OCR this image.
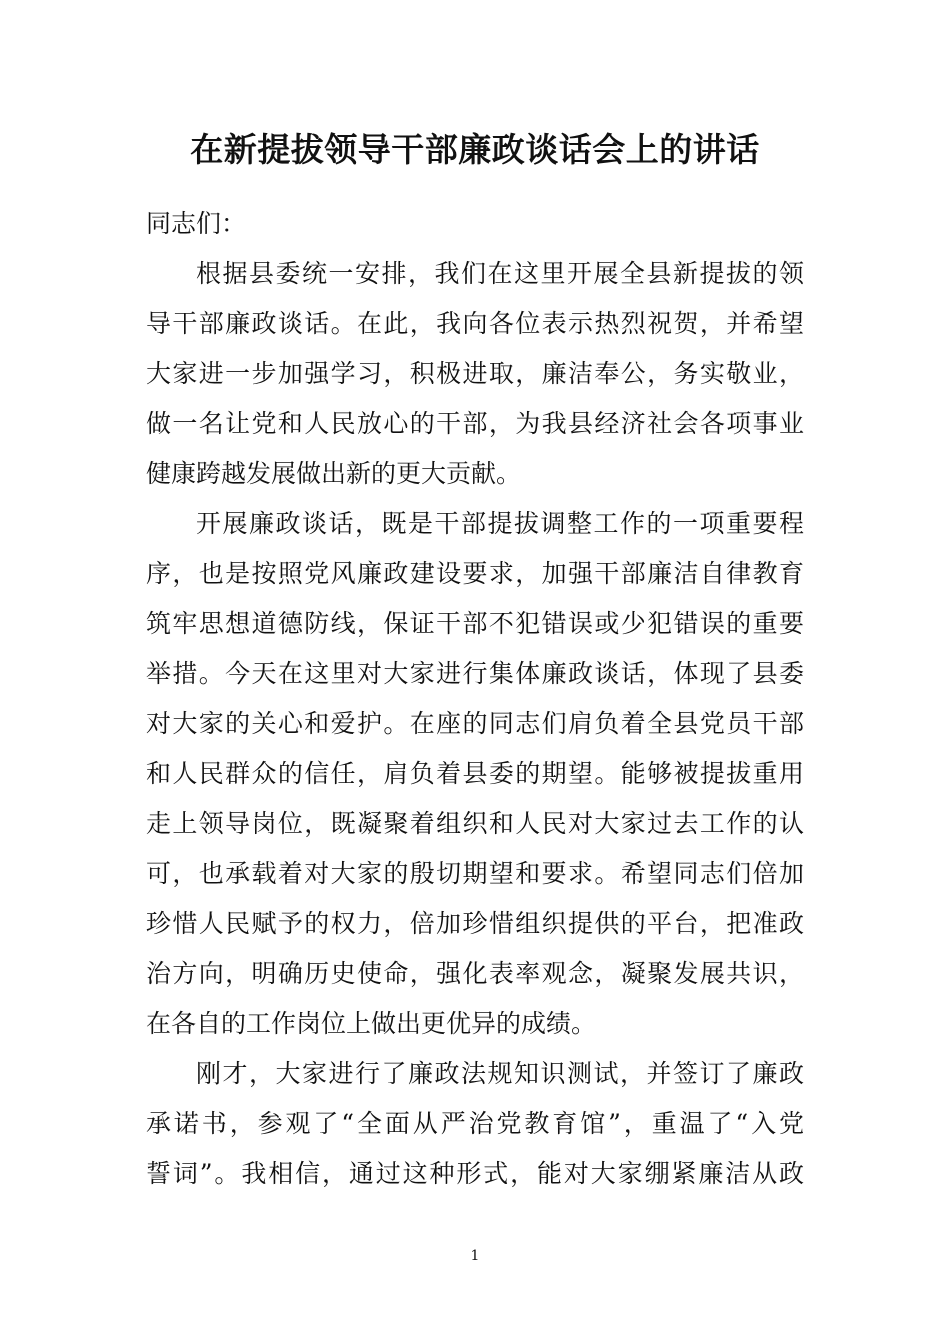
在新提拔领导干部廉政谈话会上的讲话
同志们：
根据县委统一安排，我们在这里开展全县新提拔的领
导干部廉政谈话。在此，我向各位表示热烈祝贺，并希望
大家进一步加强学习，积极进取，廉洁奉公，务实敬业，
做一名让党和人民放心的干部，为我县经济社会各项事业
健康跨越发展做出新的更大贡献。
开展廉政谈话，既是干部提拔调整工作的一项重要程
序，也是按照党风廉政建设要求，加强干部廉洁自律教育
筑牢思想道德防线，保证干部不犯错误或少犯错误的重要
举措。今天在这里对大家进行集体廉政谈话，体现了县委
对大家的关心和爱护。在座的同志们肩负着全县党员干部
和人民群众的信任，肩负着县委的期望。能够被提拔重用
走上领导岗位，既凝聚着组织和人民对大家过去工作的认
可，也承载着对大家的殷切期望和要求。希望同志们倍加
珍惜人民赋予的权力，倍加珍惜组织提供的平台，把准政
治方向，明确历史使命，强化表率观念，凝聚发展共识，
在各自的工作岗位上做出更优异的成绩。
刚才，大家进行了廉政法规知识测试，并签订了廉政
承诺书，参观了“全面从严治党教育馆”，重温了“入党
誓词”。我相信，通过这种形式，能对大家绷紧廉洁从政
1
